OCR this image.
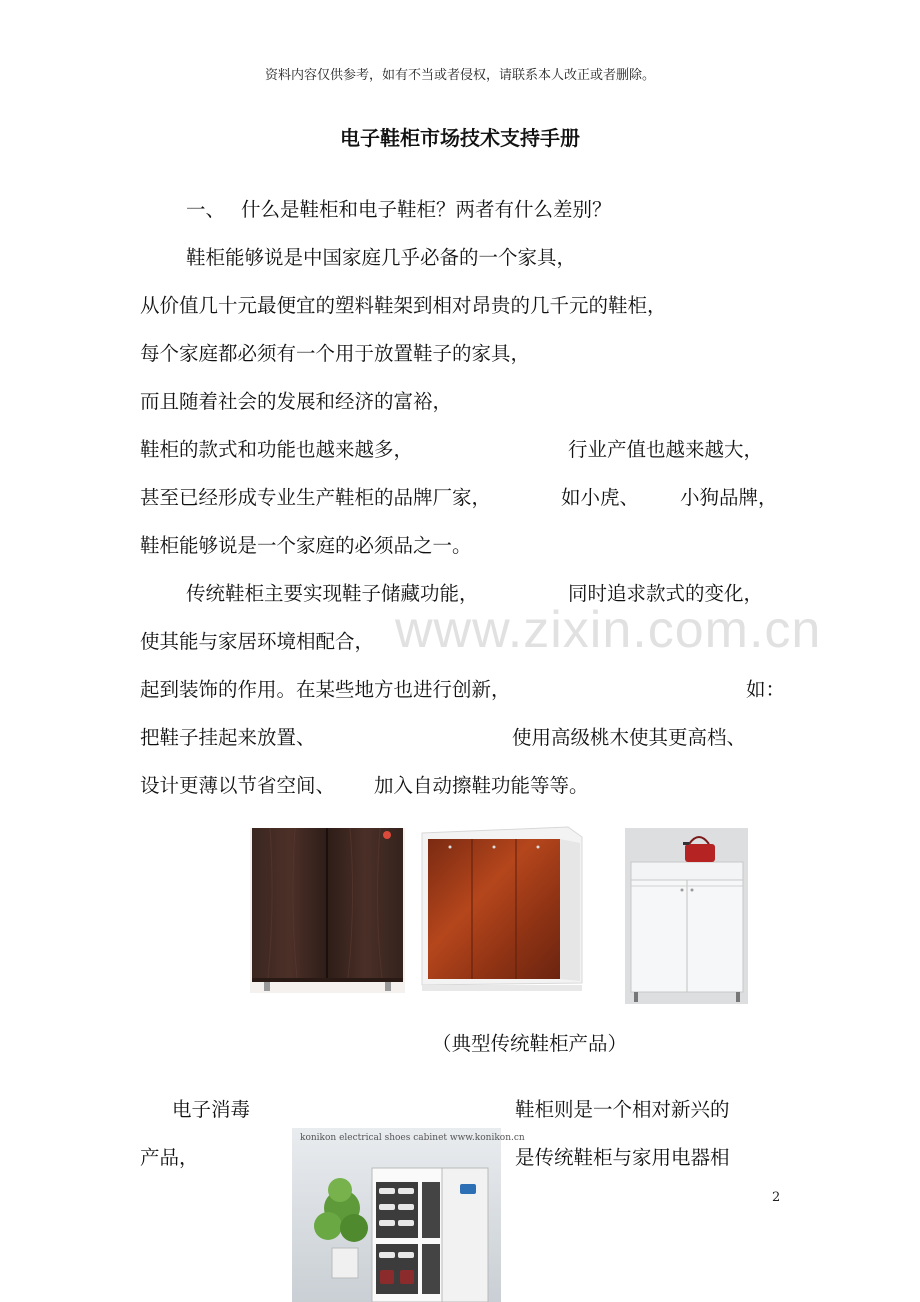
资料内容仅供参考，如有不当或者侵权，请联系本人改正或者删除。
电子鞋柜市场技术支持手册
一、 什么是鞋柜和电子鞋柜？两者有什么差别？
鞋柜能够说是中国家庭几乎必备的一个家具，
从价值几十元最便宜的塑料鞋架到相对昂贵的几千元的鞋柜，
每个家庭都必须有一个用于放置鞋子的家具，
而且随着社会的发展和经济的富裕，
鞋柜的款式和功能也越来越多，	行业产值也越来越大，
甚至已经形成专业生产鞋柜的品牌厂家，	如小虎、 小狗品牌，
鞋柜能够说是一个家庭的必须品之一。
www.zixin.com.cn
传统鞋柜主要实现鞋子储藏功能，	同时追求款式的变化，
使其能与家居环境相配合，
起到装饰的作用。在某些地方也进行创新，	如：
把鞋子挂起来放置、	使用高级桃木使其更高档、
设计更薄以节省空间、 加入自动擦鞋功能等等。
（典型传统鞋柜产品）
电子消毒	鞋柜则是一个相对新兴的
产品，	是传统鞋柜与家用电器相
konikon electrical shoes cabinet www.konikon.cn
2
